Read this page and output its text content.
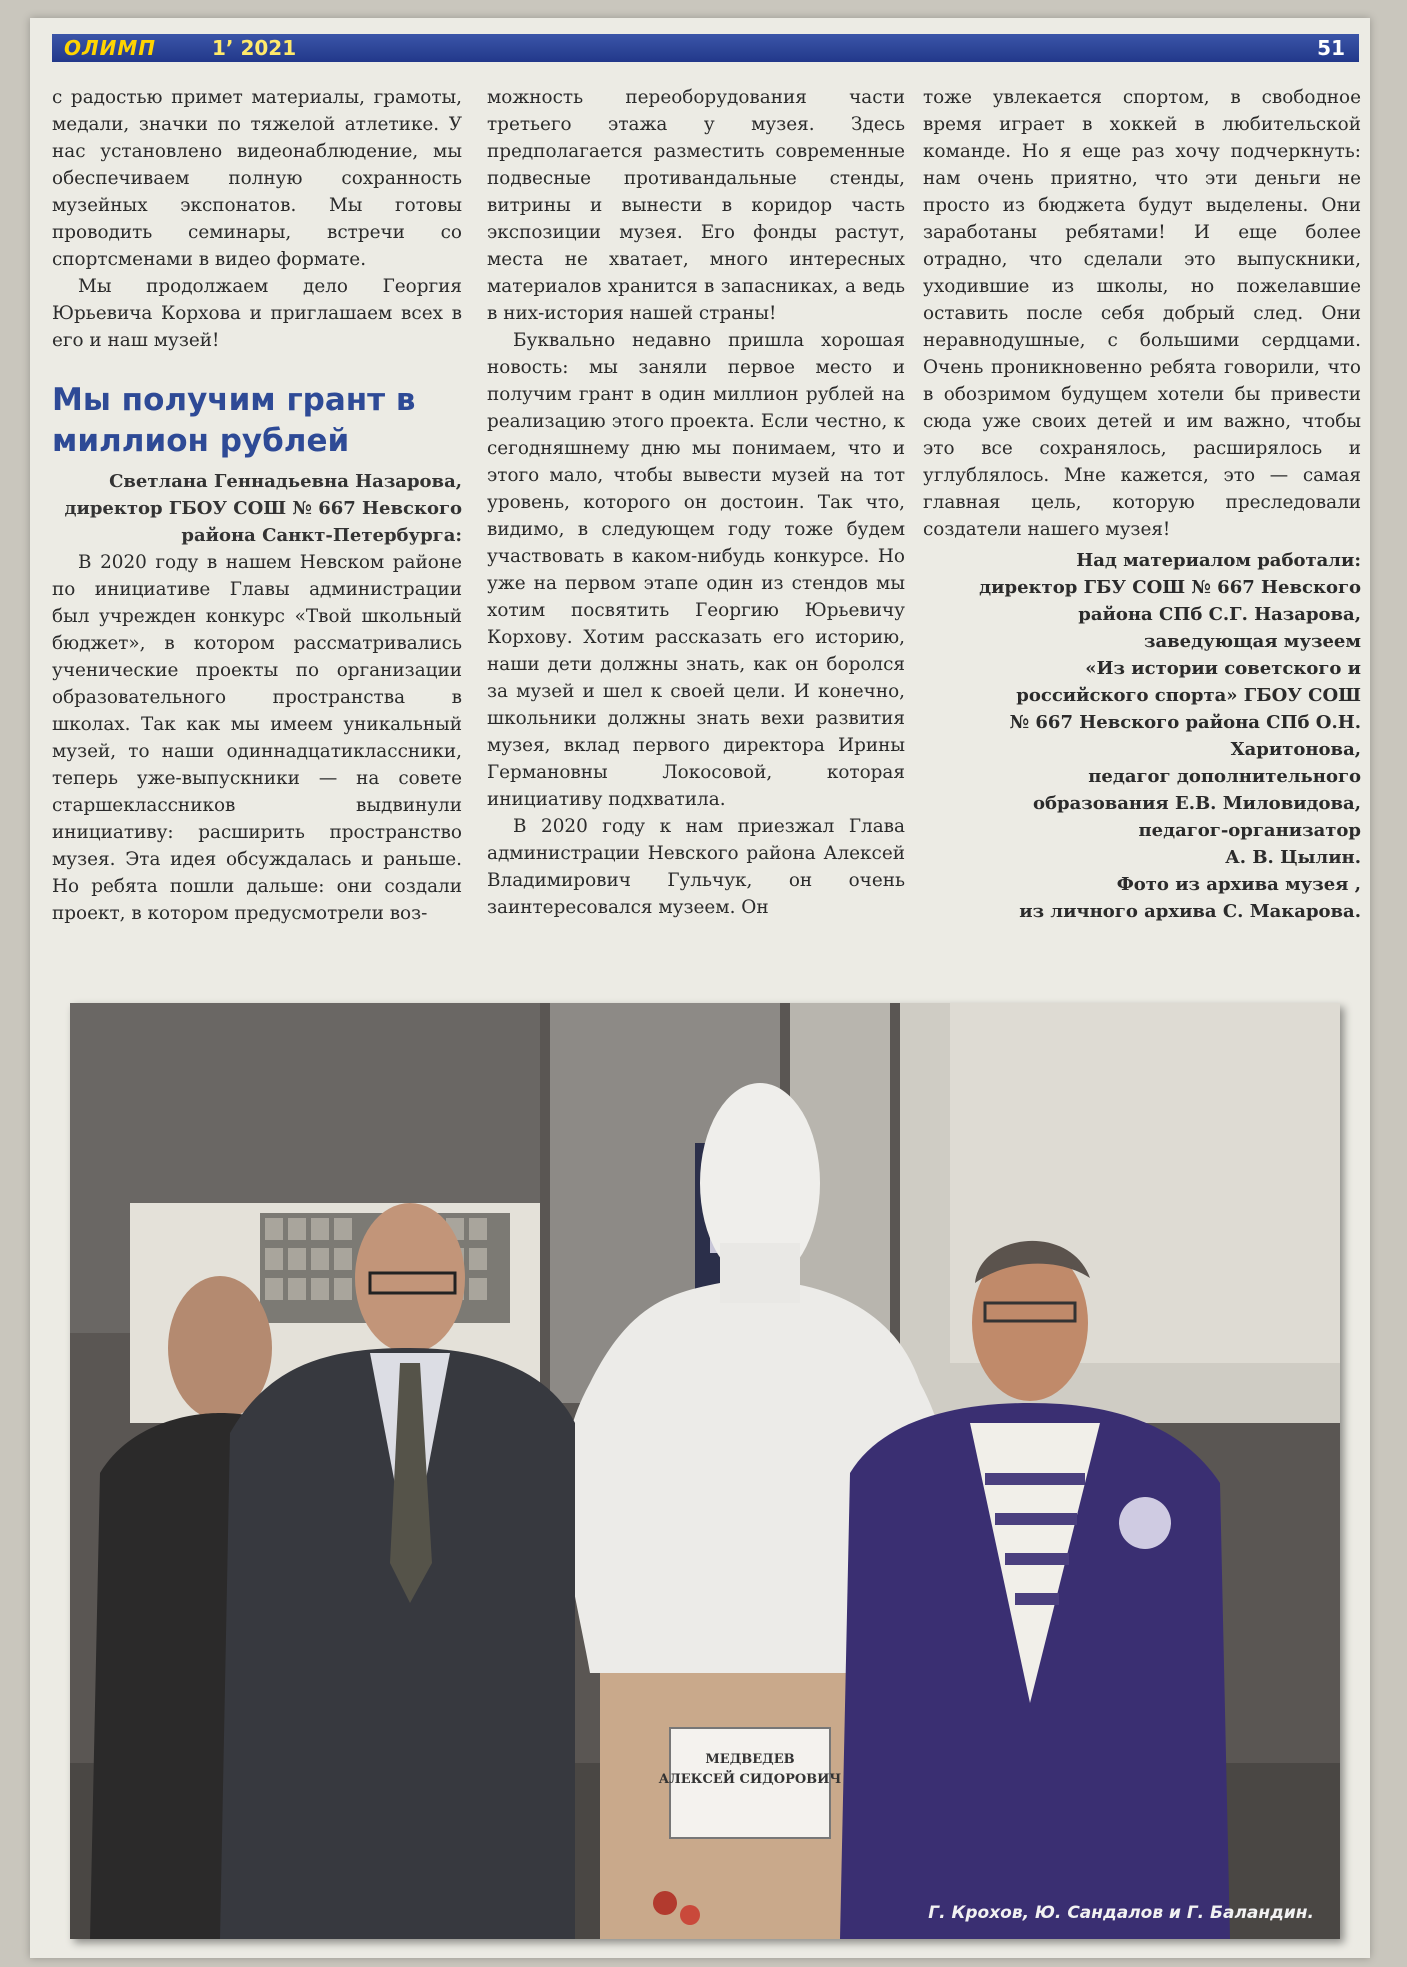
ОЛИМП	1’ 2021	51

с радостью примет материалы, грамоты, медали, значки по тяжелой атлетике. У нас установлено видеонаблюдение, мы обеспечиваем полную сохранность музейных экспонатов. Мы готовы проводить семинары, встречи со спортсменами в видео формате.

Мы продолжаем дело Георгия Юрьевича Корхова и приглашаем всех в его и наш музей!

Мы получим грант в миллион рублей

Светлана Геннадьевна Назарова, директор ГБОУ СОШ № 667 Невского района Санкт-Петербурга:

В 2020 году в нашем Невском районе по инициативе Главы администрации был учрежден конкурс «Твой школьный бюджет», в котором рассматривались ученические проекты по организации образовательного пространства в школах. Так как мы имеем уникальный музей, то наши одиннадцатиклассники, теперь уже-выпускники — на совете старшеклассников выдвинули инициативу: расширить пространство музея. Эта идея обсуждалась и раньше. Но ребята пошли дальше: они создали проект, в котором предусмотрели воз-

можность переоборудования части третьего этажа у музея. Здесь предполагается разместить современные подвесные противандальные стенды, витрины и вынести в коридор часть экспозиции музея. Его фонды растут, места не хватает, много интересных материалов хранится в запасниках, а ведь в них-история нашей страны!

Буквально недавно пришла хорошая новость: мы заняли первое место и получим грант в один миллион рублей на реализацию этого проекта. Если честно, к сегодняшнему дню мы понимаем, что и этого мало, чтобы вывести музей на тот уровень, которого он достоин. Так что, видимо, в следующем году тоже будем участвовать в каком-нибудь конкурсе. Но уже на первом этапе один из стендов мы хотим посвятить Георгию Юрьевичу Корхову. Хотим рассказать его историю, наши дети должны знать, как он боролся за музей и шел к своей цели. И конечно, школьники должны знать вехи развития музея, вклад первого директора Ирины Германовны Локосовой, которая инициативу подхватила.

В 2020 году к нам приезжал Глава администрации Невского района Алексей Владимирович Гульчук, он очень заинтересовался музеем. Он

тоже увлекается спортом, в свободное время играет в хоккей в любительской команде. Но я еще раз хочу подчеркнуть: нам очень приятно, что эти деньги не просто из бюджета будут выделены. Они заработаны ребятами! И еще более отрадно, что сделали это выпускники, уходившие из школы, но пожелавшие оставить после себя добрый след. Они неравнодушные, с большими сердцами. Очень проникновенно ребята говорили, что в обозримом будущем хотели бы привести сюда уже своих детей и им важно, чтобы это все сохранялось, расширялось и углублялось. Мне кажется, это — самая главная цель, которую преследовали создатели нашего музея!

Над материалом работали:
директор ГБУ СОШ № 667 Невского
района СПб С.Г. Назарова,
заведующая музеем
«Из истории советского и
российского спорта» ГБОУ СОШ
№ 667 Невского района СПб О.Н.
Харитонова,
педагог дополнительного
образования Е.В. Миловидова,
педагог-организатор
А. В. Цылин.
Фото из архива музея ,
из личного архива С. Макарова.
МЕДВЕДЕВ
АЛЕКСЕЙ СИДОРОВИЧ
Г. Крохов, Ю. Сандалов и Г. Баландин.
